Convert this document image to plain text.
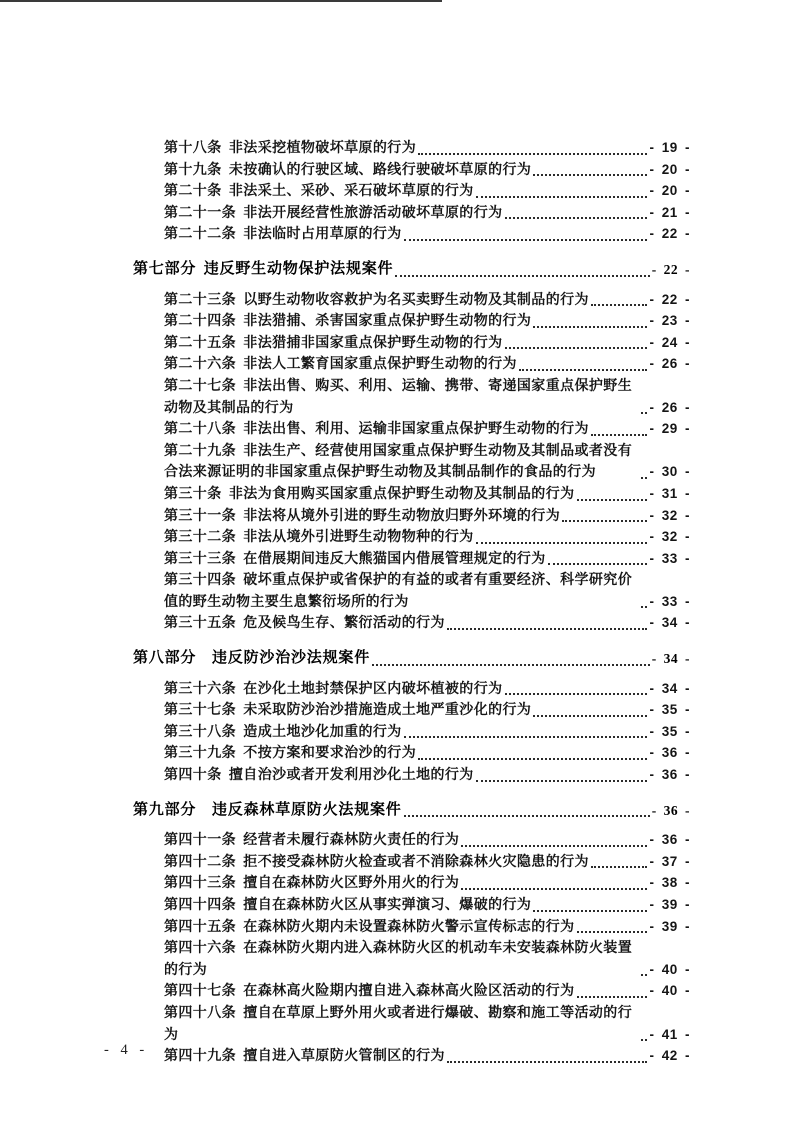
第十八条 非法采挖植物破坏草原的行为	- 19 -
第十九条 未按确认的行驶区域、路线行驶破坏草原的行为	- 20 -
第二十条 非法采土、采砂、采石破坏草原的行为	- 20 -
第二十一条 非法开展经营性旅游活动破坏草原的行为	- 21 -
第二十二条 非法临时占用草原的行为	- 22 -
第七部分 违反野生动物保护法规案件	- 22 -
第二十三条 以野生动物收容救护为名买卖野生动物及其制品的行为	- 22 -
第二十四条 非法猎捕、杀害国家重点保护野生动物的行为	- 23 -
第二十五条 非法猎捕非国家重点保护野生动物的行为	- 24 -
第二十六条 非法人工繁育国家重点保护野生动物的行为	- 26 -
第二十七条 非法出售、购买、利用、运输、携带、寄递国家重点保护野生动物及其制品的行为	- 26 -
第二十八条 非法出售、利用、运输非国家重点保护野生动物的行为	- 29 -
第二十九条 非法生产、经营使用国家重点保护野生动物及其制品或者没有合法来源证明的非国家重点保护野生动物及其制品制作的食品的行为	- 30 -
第三十条 非法为食用购买国家重点保护野生动物及其制品的行为	- 31 -
第三十一条 非法将从境外引进的野生动物放归野外环境的行为	- 32 -
第三十二条 非法从境外引进野生动物物种的行为	- 32 -
第三十三条 在借展期间违反大熊猫国内借展管理规定的行为	- 33 -
第三十四条 破坏重点保护或省保护的有益的或者有重要经济、科学研究价值的野生动物主要生息繁衍场所的行为	- 33 -
第三十五条 危及候鸟生存、繁衍活动的行为	- 34 -
第八部分　违反防沙治沙法规案件	- 34 -
第三十六条 在沙化土地封禁保护区内破坏植被的行为	- 34 -
第三十七条 未采取防沙治沙措施造成土地严重沙化的行为	- 35 -
第三十八条 造成土地沙化加重的行为	- 35 -
第三十九条 不按方案和要求治沙的行为	- 36 -
第四十条 擅自治沙或者开发利用沙化土地的行为	- 36 -
第九部分　违反森林草原防火法规案件	- 36 -
第四十一条 经营者未履行森林防火责任的行为	- 36 -
第四十二条 拒不接受森林防火检查或者不消除森林火灾隐患的行为	- 37 -
第四十三条 擅自在森林防火区野外用火的行为	- 38 -
第四十四条 擅自在森林防火区从事实弹演习、爆破的行为	- 39 -
第四十五条 在森林防火期内未设置森林防火警示宣传标志的行为	- 39 -
第四十六条 在森林防火期内进入森林防火区的机动车未安装森林防火装置的行为	- 40 -
第四十七条 在森林高火险期内擅自进入森林高火险区活动的行为	- 40 -
第四十八条 擅自在草原上野外用火或者进行爆破、勘察和施工等活动的行为	- 41 -
第四十九条 擅自进入草原防火管制区的行为	- 42 -
- 4 -
